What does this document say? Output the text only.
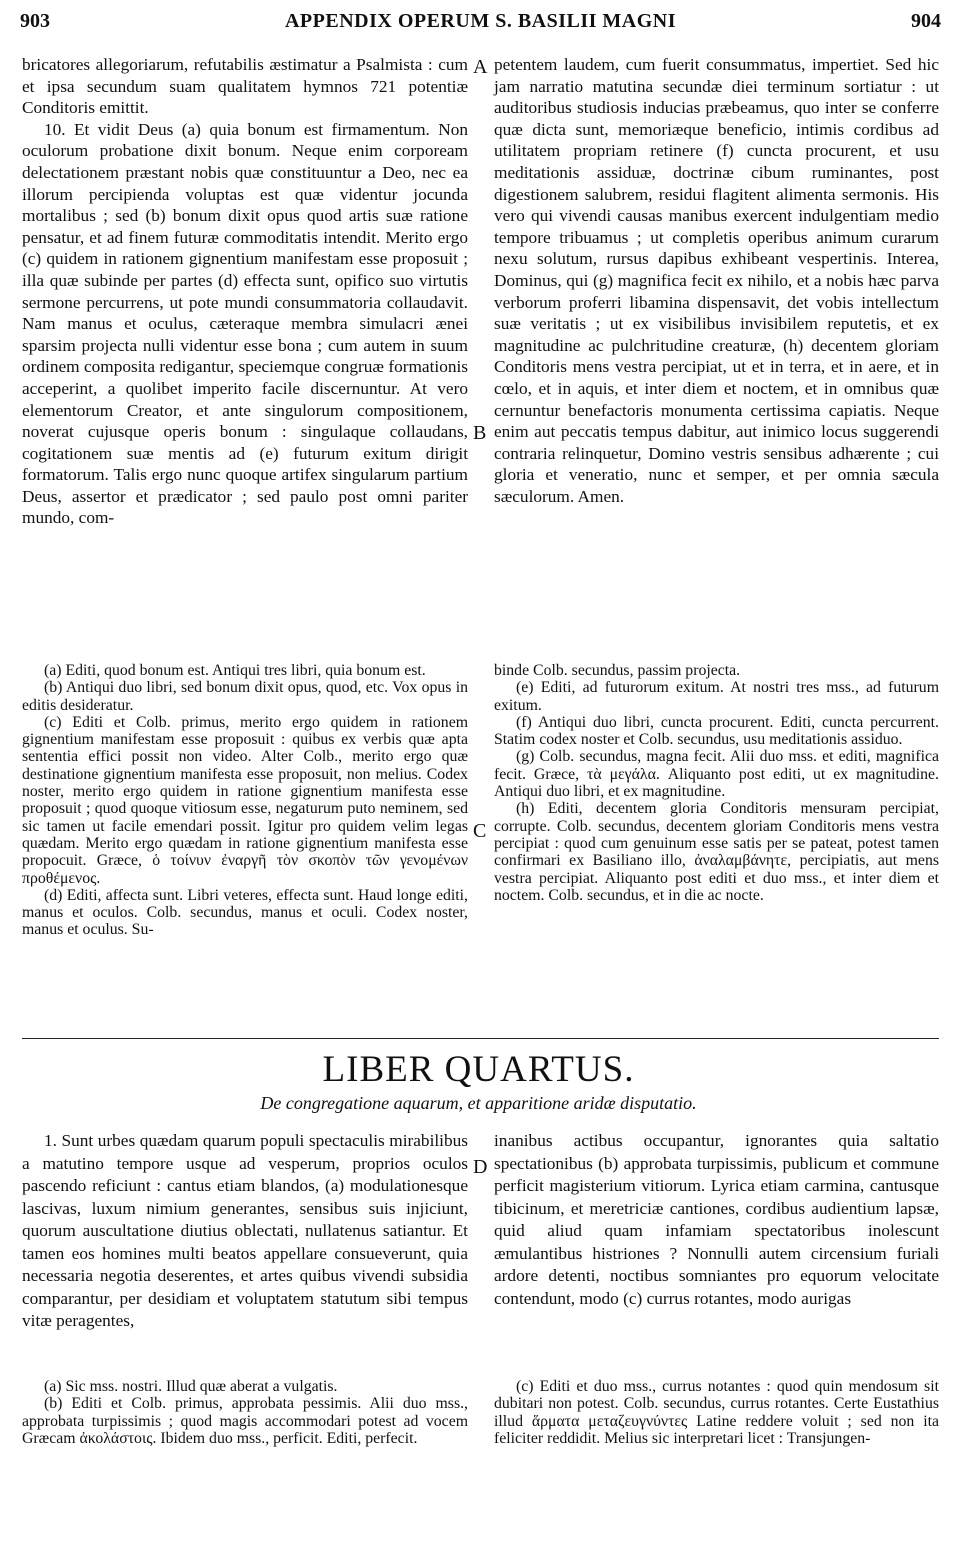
903	APPENDIX OPERUM S. BASILII MAGNI	904

bricatores allegoriarum, refutabilis æstimatur a Psalmista : cum et ipsa secundum suam qualitatem hymnos 721 potentiæ Conditoris emittit.

10. Et vidit Deus (a) quia bonum est firmamentum. Non oculorum probatione dixit bonum. Neque enim corpoream delectationem præstant nobis quæ constituuntur a Deo, nec ea illorum percipienda voluptas est quæ videntur jocunda mortalibus ; sed (b) bonum dixit opus quod artis suæ ratione pensatur, et ad finem futuræ commoditatis intendit. Merito ergo (c) quidem in rationem gignentium manifestam esse proposuit ; illa quæ subinde per partes (d) effecta sunt, opifico suo virtutis sermone percurrens, ut pote mundi consummatoria collaudavit. Nam manus et oculus, cæteraque membra simulacri ænei sparsim projecta nulli videntur esse bona ; cum autem in suum ordinem composita redigantur, speciemque congruæ formationis acceperint, a quolibet imperito facile discernuntur. At vero elementorum Creator, et ante singulorum compositionem, noverat cujusque operis bonum : singulaque collaudans, cogitationem suæ mentis ad (e) futurum exitum dirigit formatorum. Talis ergo nunc quoque artifex singularum partium Deus, assertor et prædicator ; sed paulo post omni pariter mundo, com-

petentem laudem, cum fuerit consummatus, impertiet. Sed hic jam narratio matutina secundæ diei terminum sortiatur : ut auditoribus studiosis inducias præbeamus, quo inter se conferre quæ dicta sunt, memoriæque beneficio, intimis cordibus ad utilitatem propriam retinere (f) cuncta procurent, et usu meditationis assiduæ, doctrinæ cibum ruminantes, post digestionem salubrem, residui flagitent alimenta sermonis. His vero qui vivendi causas manibus exercent indulgentiam medio tempore tribuamus ; ut completis operibus animum curarum nexu solutum, rursus dapibus exhibeant vespertinis. Interea, Dominus, qui (g) magnifica fecit ex nihilo, et a nobis hæc parva verborum proferri libamina dispensavit, det vobis intellectum suæ veritatis ; ut ex visibilibus invisibilem reputetis, et ex magnitudine ac pulchritudine creaturæ, (h) decentem gloriam Conditoris mens vestra percipiat, ut et in terra, et in aere, et in cœlo, et in aquis, et inter diem et noctem, et in omnibus quæ cernuntur benefactoris monumenta certissima capiatis. Neque enim aut peccatis tempus dabitur, aut inimico locus suggerendi contraria relinquetur, Domino vestris sensibus adhærente ; cui gloria et veneratio, nunc et semper, et per omnia sæcula sæculorum. Amen.

A
B
C
D

(a) Editi, quod bonum est. Antiqui tres libri, quia bonum est.

(b) Antiqui duo libri, sed bonum dixit opus, quod, etc. Vox opus in editis desideratur.

(c) Editi et Colb. primus, merito ergo quidem in rationem gignentium manifestam esse proposuit : quibus ex verbis quæ apta sententia effici possit non video. Alter Colb., merito ergo quæ destinatione gignentium manifesta esse proposuit, non melius. Codex noster, merito ergo quidem in ratione gignentium manifesta esse proposuit ; quod quoque vitiosum esse, negaturum puto neminem, sed sic tamen ut facile emendari possit. Igitur pro quidem velim legas quædam. Merito ergo quædam in ratione gignentium manifesta esse propocuit. Græce, ὁ τοίνυν ἐναργῆ τὸν σκοπὸν τῶν γενομένων προθέμενος.

(d) Editi, affecta sunt. Libri veteres, effecta sunt. Haud longe editi, manus et oculos. Colb. secundus, manus et oculi. Codex noster, manus et oculus. Su-

binde Colb. secundus, passim projecta.

(e) Editi, ad futurorum exitum. At nostri tres mss., ad futurum exitum.

(f) Antiqui duo libri, cuncta procurent. Editi, cuncta percurrent. Statim codex noster et Colb. secundus, usu meditationis assiduo.

(g) Colb. secundus, magna fecit. Alii duo mss. et editi, magnifica fecit. Græce, τὰ μεγάλα. Aliquanto post editi, ut ex magnitudine. Antiqui duo libri, et ex magnitudine.

(h) Editi, decentem gloria Conditoris mensuram percipiat, corrupte. Colb. secundus, decentem gloriam Conditoris mens vestra percipiat : quod cum genuinum esse satis per se pateat, potest tamen confirmari ex Basiliano illo, ἀναλαμβάνητε, percipiatis, aut mens vestra percipiat. Aliquanto post editi et duo mss., et inter diem et noctem. Colb. secundus, et in die ac nocte.

LIBER QUARTUS.
De congregatione aquarum, et apparitione aridæ disputatio.

1. Sunt urbes quædam quarum populi spectaculis mirabilibus a matutino tempore usque ad vesperum, proprios oculos pascendo reficiunt : cantus etiam blandos, (a) modulationesque lascivas, luxum nimium generantes, sensibus suis injiciunt, quorum auscultatione diutius oblectati, nullatenus satiantur. Et tamen eos homines multi beatos appellare consueverunt, quia necessaria negotia deserentes, et artes quibus vivendi subsidia comparantur, per desidiam et voluptatem statutum sibi tempus vitæ peragentes,

inanibus actibus occupantur, ignorantes quia saltatio spectationibus (b) approbata turpissimis, publicum et commune perficit magisterium vitiorum. Lyrica etiam carmina, cantusque tibicinum, et meretriciæ cantiones, cordibus audientium lapsæ, quid aliud quam infamiam spectatoribus inolescunt æmulantibus histriones ? Nonnulli autem circensium furiali ardore detenti, noctibus somniantes pro equorum velocitate contendunt, modo (c) currus rotantes, modo aurigas

(a) Sic mss. nostri. Illud quæ aberat a vulgatis.

(b) Editi et Colb. primus, approbata pessimis. Alii duo mss., approbata turpissimis ; quod magis accommodari potest ad vocem Græcam ἀκολάστοις. Ibidem duo mss., perficit. Editi, perfecit.

(c) Editi et duo mss., currus notantes : quod quin mendosum sit dubitari non potest. Colb. secundus, currus rotantes. Certe Eustathius illud ἅρματα μεταζευγνύντες Latine reddere voluit ; sed non ita feliciter reddidit. Melius sic interpretari licet : Transjungen-
